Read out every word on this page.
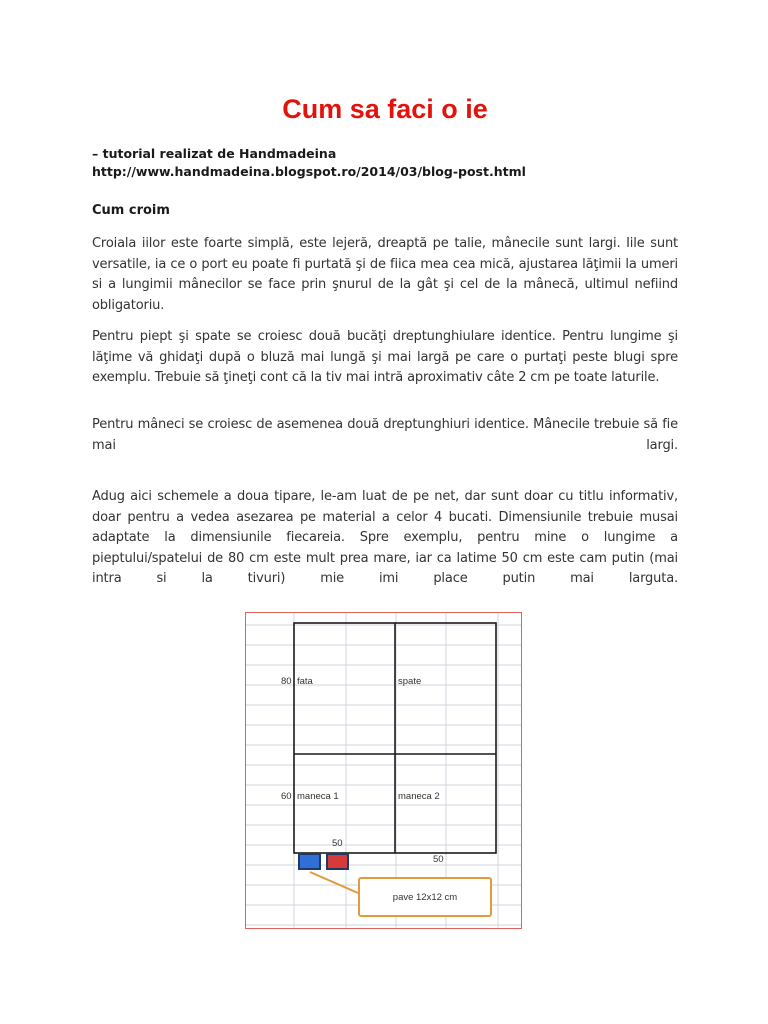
Cum sa faci o ie
– tutorial realizat de Handmadeina
http://www.handmadeina.blogspot.ro/2014/03/blog-post.html
Cum croim

Croiala iilor este foarte simplă, este lejeră, dreaptă pe talie, mânecile sunt largi. Iile sunt versatile, ia ce o port eu poate fi purtată şi de fiica mea cea mică, ajustarea lăţimii la umeri si a lungimii mânecilor se face prin şnurul de la gât şi cel de la mânecă, ultimul nefiind obligatoriu.

Pentru piept şi spate se croiesc două bucăţi dreptunghiulare identice. Pentru lungime şi lăţime vă ghidaţi după o bluză mai lungă şi mai largă pe care o purtaţi peste blugi spre exemplu. Trebuie să ţineţi cont că la tiv mai intră aproximativ câte 2 cm pe toate laturile.

Pentru mâneci se croiesc de asemenea două dreptunghiuri identice. Mânecile trebuie să fie mai largi.

Adug aici schemele a doua tipare, le-am luat de pe net, dar sunt doar cu titlu informativ, doar pentru a vedea asezarea pe material a celor 4 bucati. Dimensiunile trebuie musai adaptate la dimensiunile fiecareia. Spre exemplu, pentru mine o lungime a pieptului/spatelui de 80 cm este mult prea mare, iar ca latime 50 cm este cam putin (mai intra si la tivuri) mie imi place putin mai larguta.

80 fata	spate
60 maneca 1	maneca 2
50
50
pave 12x12 cm
